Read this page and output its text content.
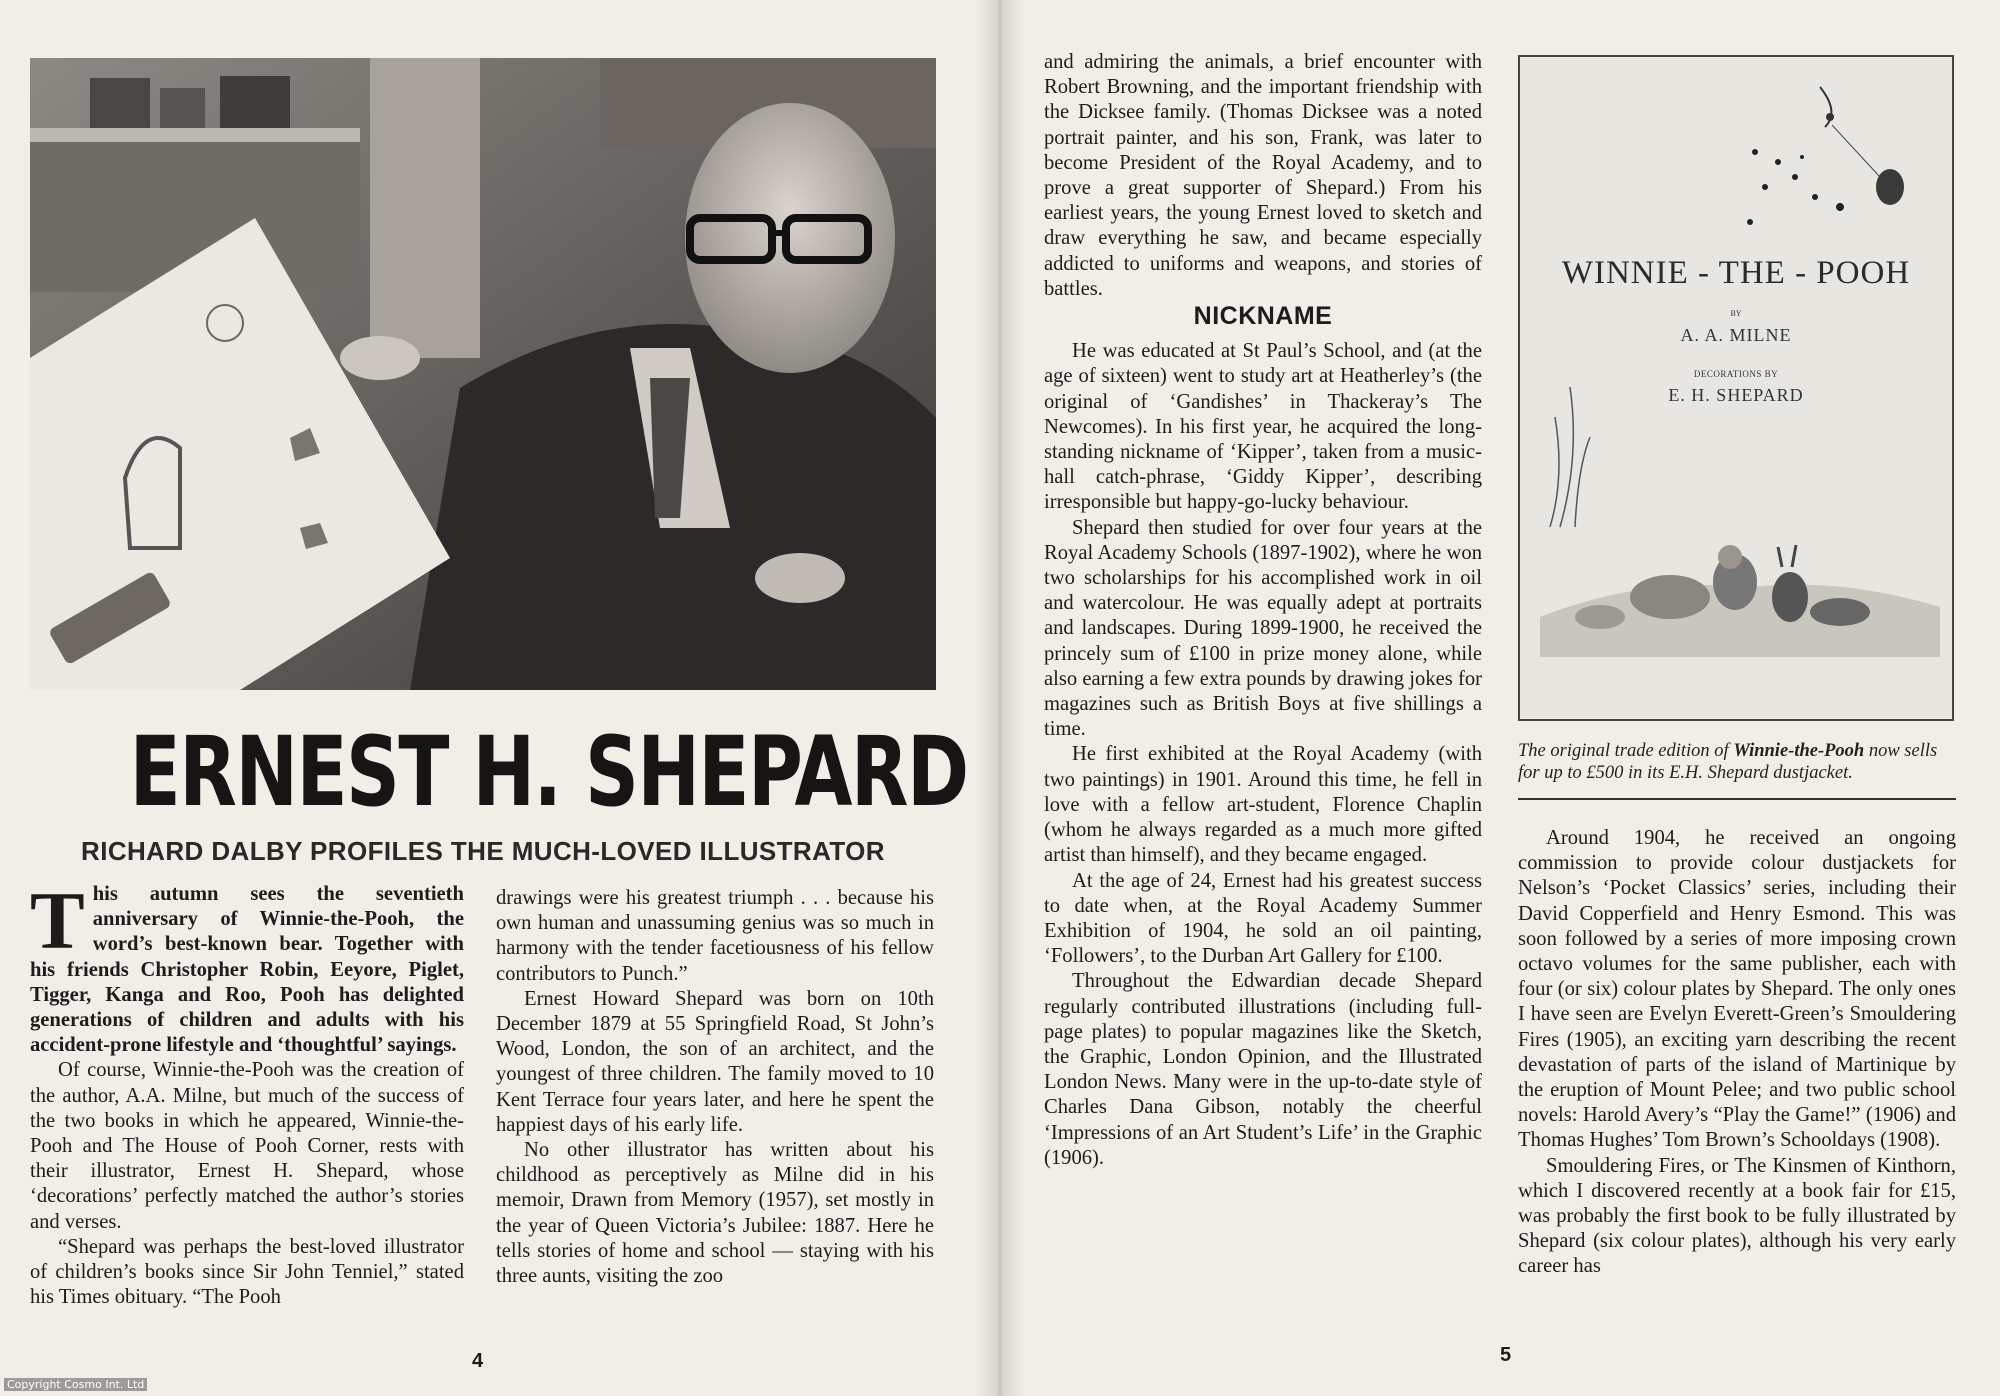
ERNEST H. SHEPARD
RICHARD DALBY PROFILES THE MUCH-LOVED ILLUSTRATOR

This autumn sees the seventieth anniversary of Winnie-the-Pooh, the word’s best-known bear. Together with his friends Christopher Robin, Eeyore, Piglet, Tigger, Kanga and Roo, Pooh has delighted generations of children and adults with his accident-prone lifestyle and ‘thoughtful’ sayings.

Of course, Winnie-the-Pooh was the creation of the author, A.A. Milne, but much of the success of the two books in which he appeared, Winnie-the-Pooh and The House of Pooh Corner, rests with their illustrator, Ernest H. Shepard, whose ‘decorations’ perfectly matched the author’s stories and verses.

“Shepard was perhaps the best-loved illustrator of children’s books since Sir John Tenniel,” stated his Times obituary. “The Pooh

drawings were his greatest triumph . . . because his own human and unassuming genius was so much in harmony with the tender facetiousness of his fellow contributors to Punch.”

Ernest Howard Shepard was born on 10th December 1879 at 55 Springfield Road, St John’s Wood, London, the son of an architect, and the youngest of three children. The family moved to 10 Kent Terrace four years later, and here he spent the happiest days of his early life.

No other illustrator has written about his childhood as perceptively as Milne did in his memoir, Drawn from Memory (1957), set mostly in the year of Queen Victoria’s Jubilee: 1887. Here he tells stories of home and school — staying with his three aunts, visiting the zoo

4

and admiring the animals, a brief encounter with Robert Browning, and the important friendship with the Dicksee family. (Thomas Dicksee was a noted portrait painter, and his son, Frank, was later to become President of the Royal Academy, and to prove a great supporter of Shepard.) From his earliest years, the young Ernest loved to sketch and draw everything he saw, and became especially addicted to uniforms and weapons, and stories of battles.

NICKNAME

He was educated at St Paul’s School, and (at the age of sixteen) went to study art at Heatherley’s (the original of ‘Gandishes’ in Thackeray’s The Newcomes). In his first year, he acquired the long-standing nickname of ‘Kipper’, taken from a music-hall catch-phrase, ‘Giddy Kipper’, describing irresponsible but happy-go-lucky behaviour.

Shepard then studied for over four years at the Royal Academy Schools (1897-1902), where he won two scholarships for his accomplished work in oil and watercolour. He was equally adept at portraits and landscapes. During 1899-1900, he received the princely sum of £100 in prize money alone, while also earning a few extra pounds by drawing jokes for magazines such as British Boys at five shillings a time.

He first exhibited at the Royal Academy (with two paintings) in 1901. Around this time, he fell in love with a fellow art-student, Florence Chaplin (whom he always regarded as a much more gifted artist than himself), and they became engaged.

At the age of 24, Ernest had his greatest success to date when, at the Royal Academy Summer Exhibition of 1904, he sold an oil painting, ‘Followers’, to the Durban Art Gallery for £100.

Throughout the Edwardian decade Shepard regularly contributed illustrations (including full-page plates) to popular magazines like the Sketch, the Graphic, London Opinion, and the Illustrated London News. Many were in the up-to-date style of Charles Dana Gibson, notably the cheerful ‘Impressions of an Art Student’s Life’ in the Graphic (1906).

WINNIE - THE - POOH
BY
A. A. MILNE
DECORATIONS BY
E. H. SHEPARD
The original trade edition of Winnie-the-Pooh now sells for up to £500 in its E.H. Shepard dustjacket.

Around 1904, he received an ongoing commission to provide colour dustjackets for Nelson’s ‘Pocket Classics’ series, including their David Copperfield and Henry Esmond. This was soon followed by a series of more imposing crown octavo volumes for the same publisher, each with four (or six) colour plates by Shepard. The only ones I have seen are Evelyn Everett-Green’s Smouldering Fires (1905), an exciting yarn describing the recent devastation of parts of the island of Martinique by the eruption of Mount Pelee; and two public school novels: Harold Avery’s “Play the Game!” (1906) and Thomas Hughes’ Tom Brown’s Schooldays (1908).

Smouldering Fires, or The Kinsmen of Kinthorn, which I discovered recently at a book fair for £15, was probably the first book to be fully illustrated by Shepard (six colour plates), although his very early career has

5
Copyright Cosmo Int. Ltd
